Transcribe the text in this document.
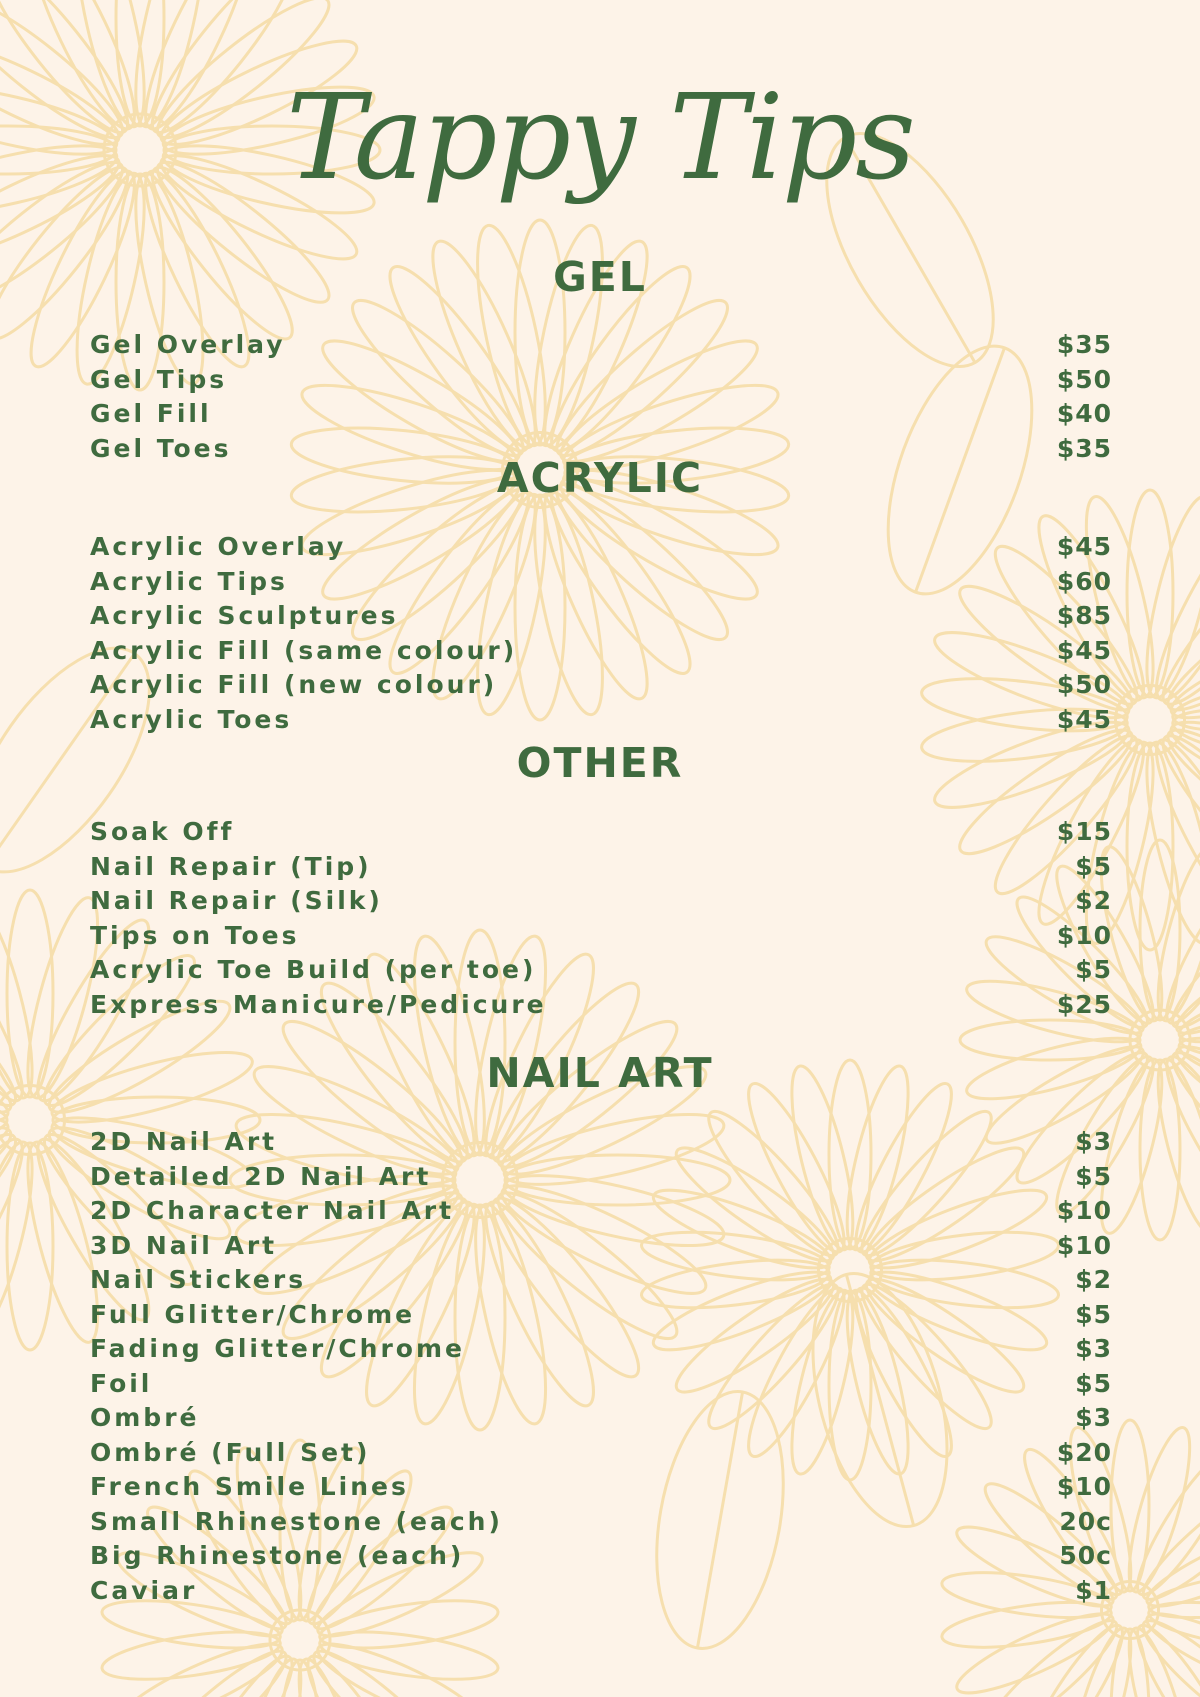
Tappy Tips
GEL
Gel Overlay	$35
Gel Tips	$50
Gel Fill	$40
Gel Toes	$35
ACRYLIC
Acrylic Overlay	$45
Acrylic Tips	$60
Acrylic Sculptures	$85
Acrylic Fill (same colour)	$45
Acrylic Fill (new colour)	$50
Acrylic Toes	$45
OTHER
Soak Off	$15
Nail Repair (Tip)	$5
Nail Repair (Silk)	$2
Tips on Toes	$10
Acrylic Toe Build (per toe)	$5
Express Manicure/Pedicure	$25
NAIL ART
2D Nail Art	$3
Detailed 2D Nail Art	$5
2D Character Nail Art	$10
3D Nail Art	$10
Nail Stickers	$2
Full Glitter/Chrome	$5
Fading Glitter/Chrome	$3
Foil	$5
Ombré	$3
Ombré (Full Set)	$20
French Smile Lines	$10
Small Rhinestone (each)	20c
Big Rhinestone (each)	50c
Caviar	$1
